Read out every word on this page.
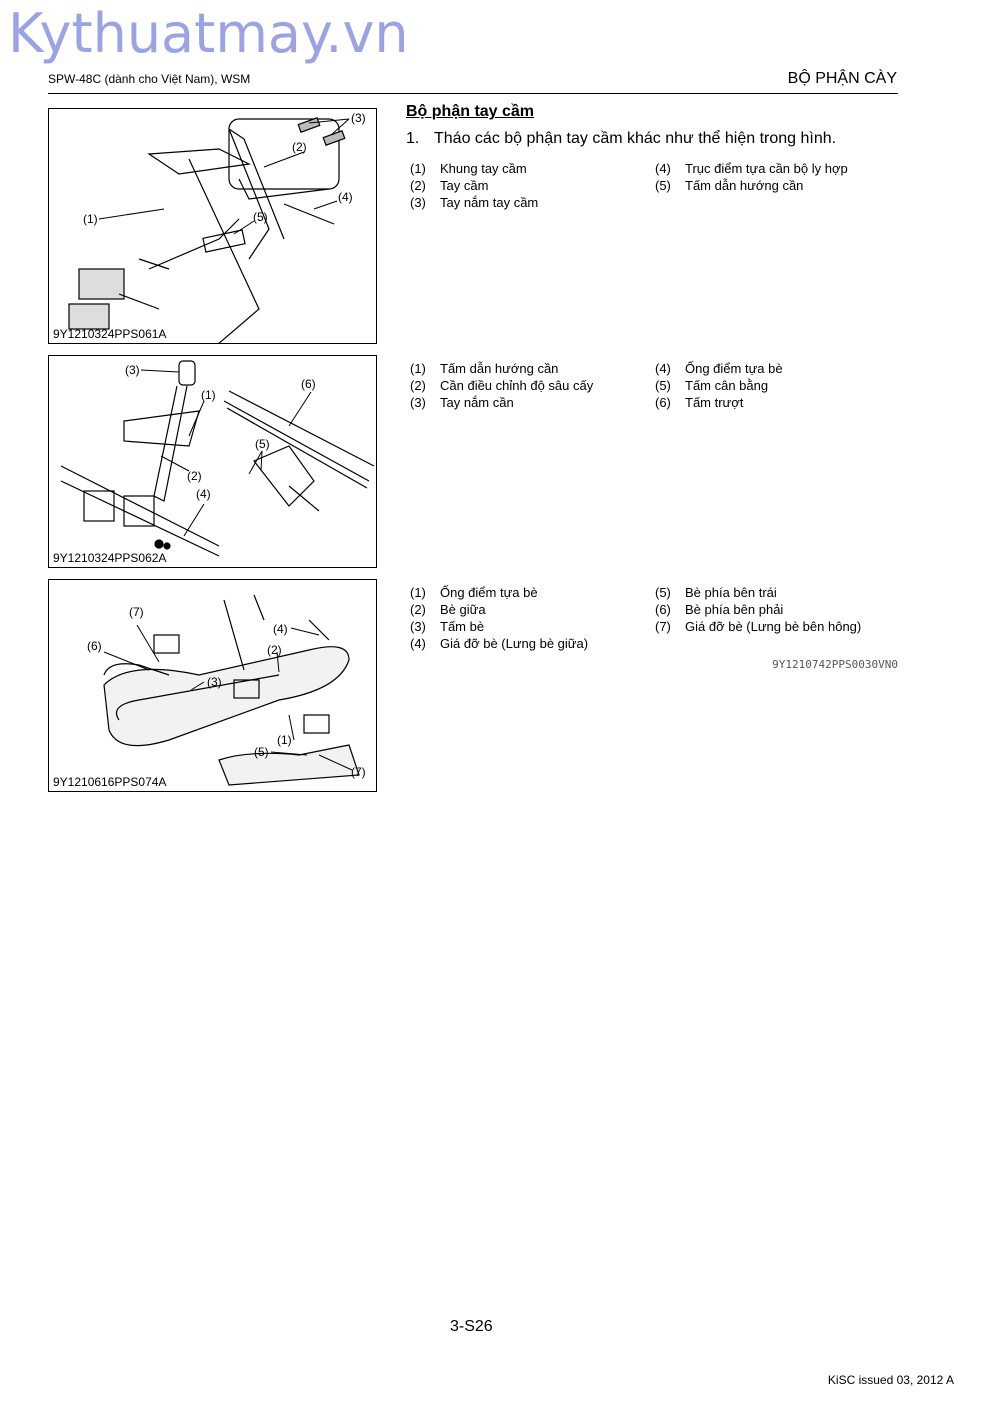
Kythuatmay.vn
SPW-48C (dành cho Việt Nam), WSM	BỘ PHẬN CÀY
(1)
(2)
(3)
(4)
(5)
9Y1210324PPS061A
(3)
(1)
(2)
(4)
(5)
(6)
9Y1210324PPS062A
(7)
(6)
(4)
(2)
(3)
(1)
(5)
(7)
9Y1210616PPS074A
Bộ phận tay cầm
1. Tháo các bộ phận tay cầm khác như thể hiện trong hình.
(1) Khung tay cầm
(2) Tay cầm
(3) Tay nắm tay cầm
(4) Trục điểm tựa cần bộ ly hợp
(5) Tấm dẫn hướng cần
(1) Tấm dẫn hướng cần
(2) Cần điều chỉnh độ sâu cấy
(3) Tay nắm cần
(4) Ống điểm tựa bè
(5) Tấm cân bằng
(6) Tấm trượt
(1) Ống điểm tựa bè
(2) Bè giữa
(3) Tấm bè
(4) Giá đỡ bè (Lưng bè giữa)
(5) Bè phía bên trái
(6) Bè phía bên phải
(7) Giá đỡ bè (Lưng bè bên hông)
9Y1210742PPS0030VN0
3-S26
KiSC issued 03, 2012 A
